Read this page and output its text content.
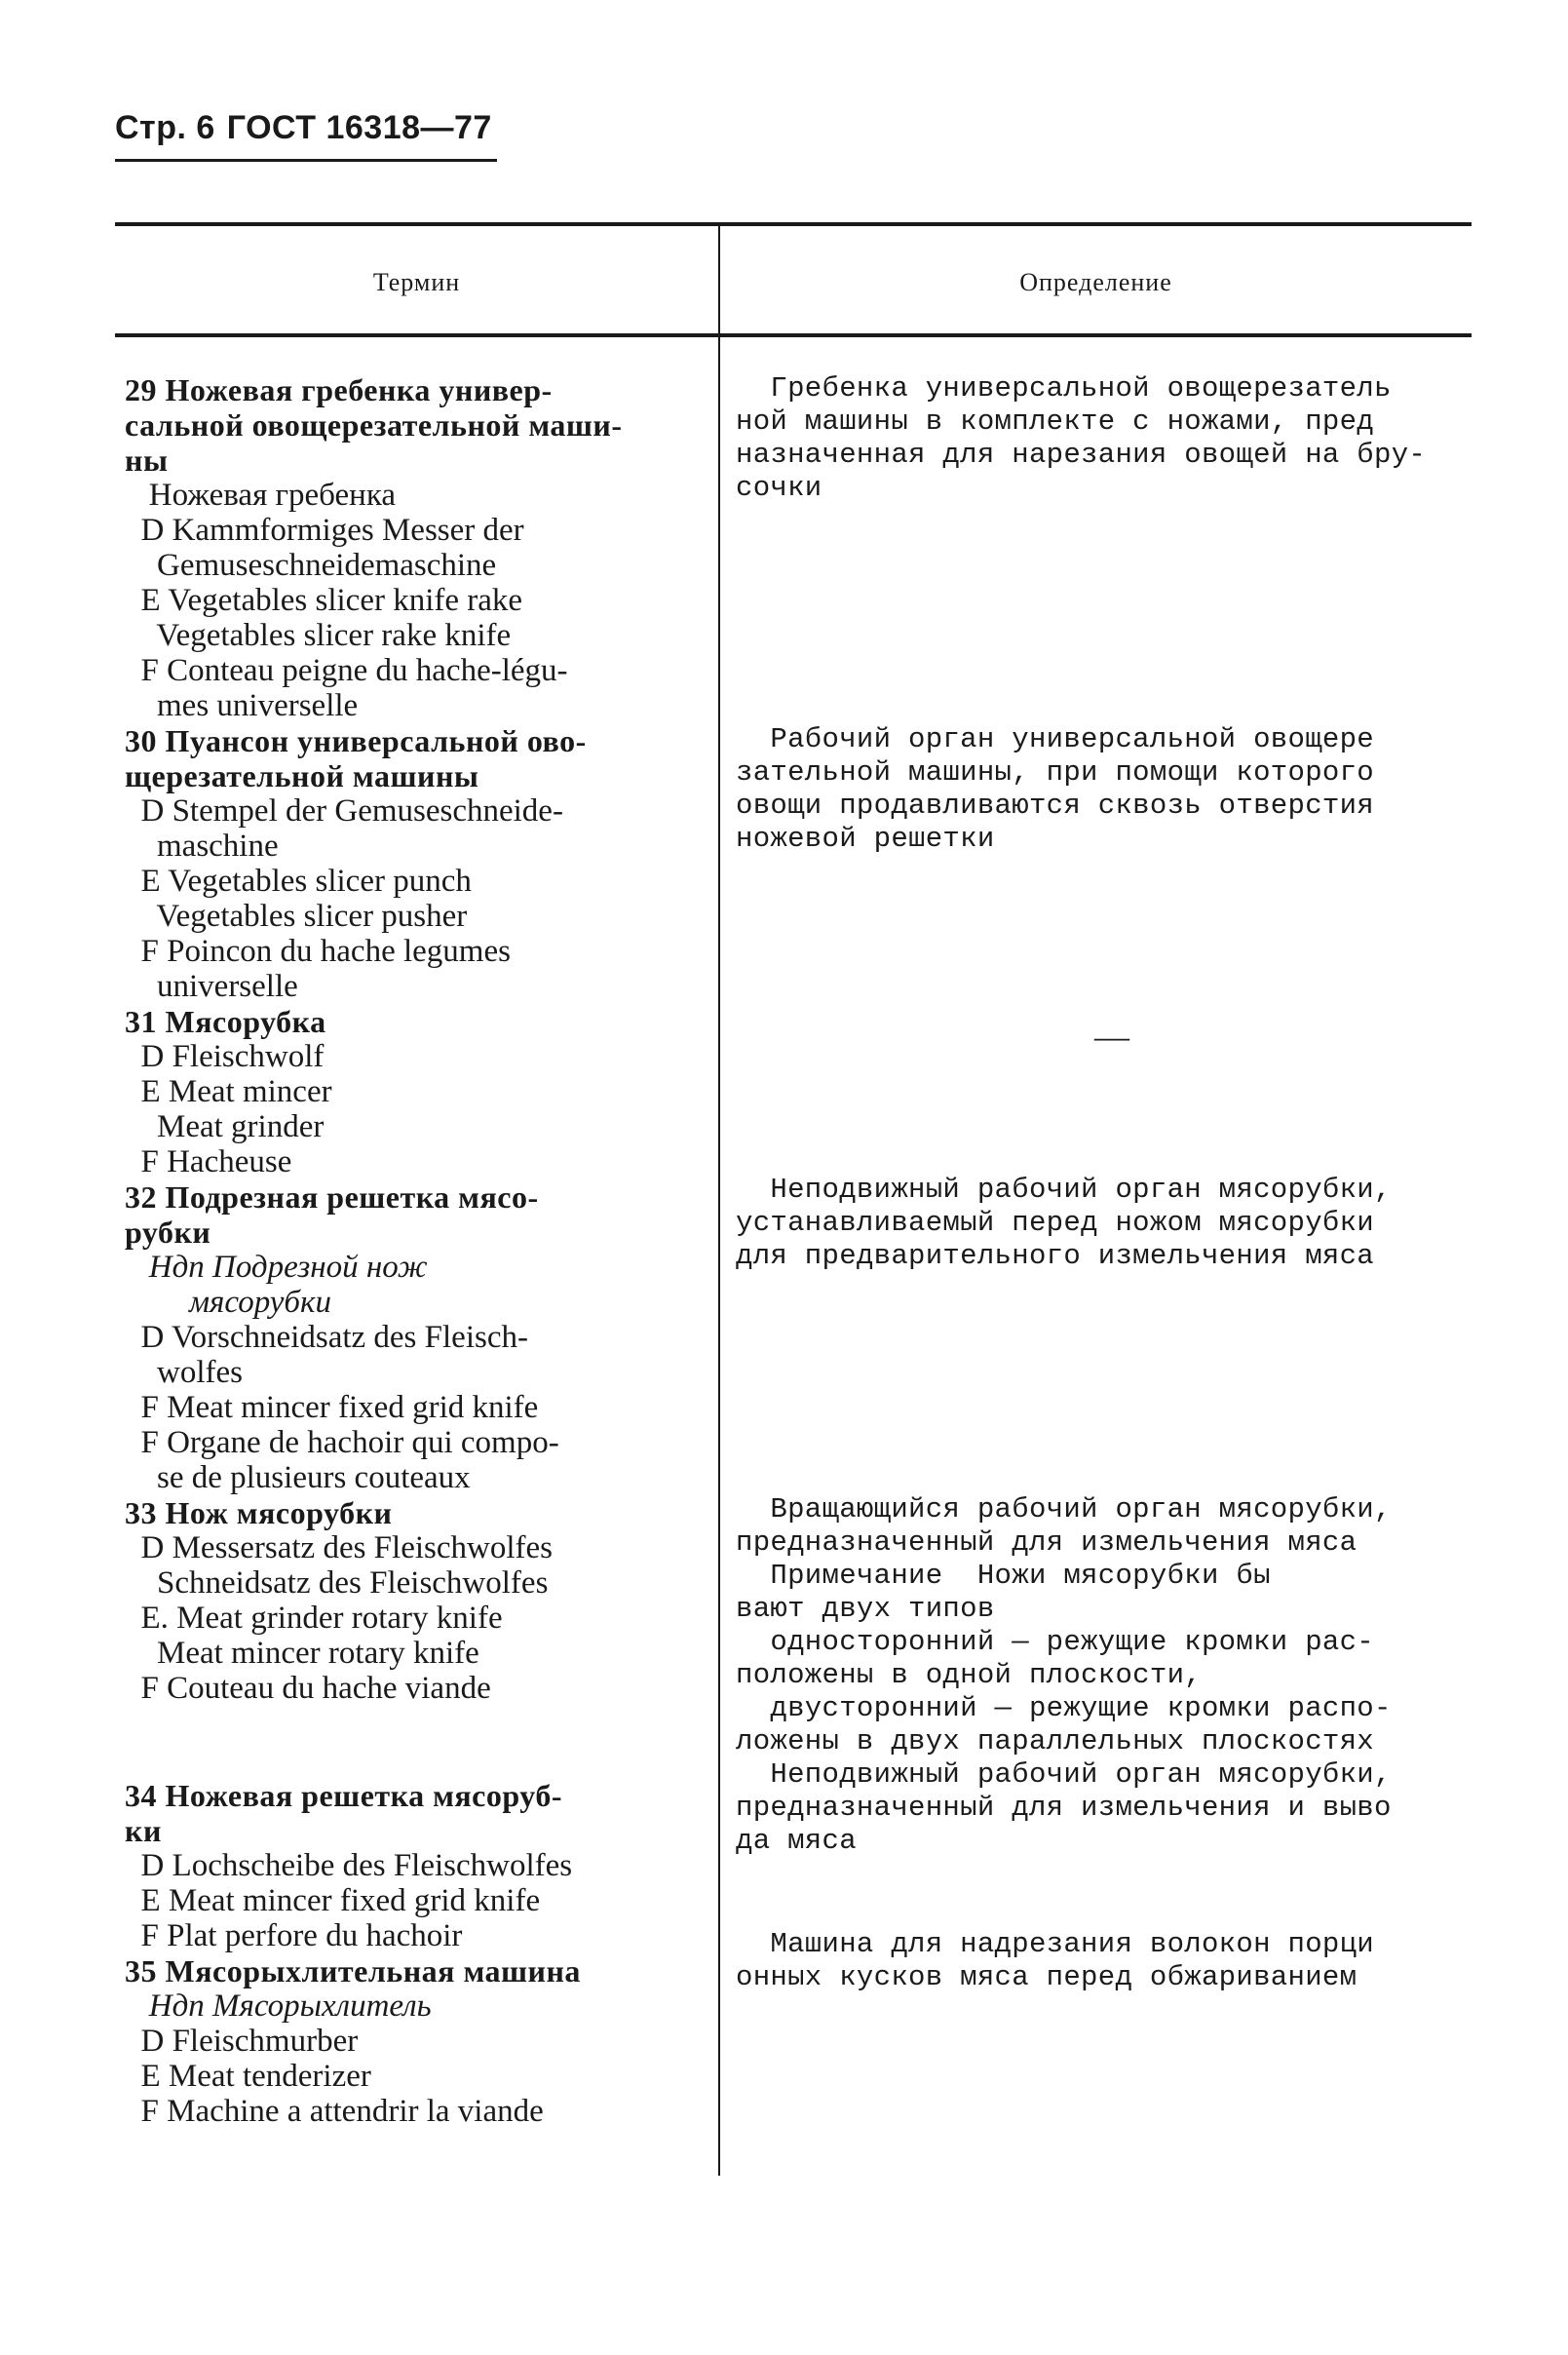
Стр. 6 ГОСТ 16318—77
Термин	Определение
29 Ножевая гребенка универ-
сальной овощерезательной маши-
ны
Ножевая гребенка
D Kammformiges Messer der
Gemuseschneidemaschine
E Vegetables slicer knife rake
Vegetables slicer rake knife
F Conteau peigne du hache-légu-
mes universelle
30 Пуансон универсальной ово-
щерезательной машины
D Stempel der Gemuseschneide-
maschine
E Vegetables slicer punch
Vegetables slicer pusher
F Poincon du hache legumes
universelle
31 Мясорубка
D Fleischwolf
E Meat mincer
Meat grinder
F Hacheuse
32 Подрезная решетка мясо-
рубки
Ндп Подрезной нож
мясорубки
D Vorschneidsatz des Fleisch-
wolfes
F Meat mincer fixed grid knife
F Organe de hachoir qui compo-
se de plusieurs couteaux
33 Нож мясорубки
D Messersatz des Fleischwolfes
Schneidsatz des Fleischwolfes
E. Meat grinder rotary knife
Meat mincer rotary knife
F Couteau du hache viande
34 Ножевая решетка мясоруб-
ки
D Lochscheibe des Fleischwolfes
E Meat mincer fixed grid knife
F Plat perfore du hachoir
35 Мясорыхлительная машина
Ндп Мясорыхлитель
D Fleischmurber
E Meat tenderizer
F Machine a attendrir la viande
—
Гребенка универсальной овощерезатель
ной машины в комплекте с ножами, пред
назначенная для нарезания овощей на бру-
сочки
Рабочий орган универсальной овощере
зательной машины, при помощи которого
овощи продавливаются сквозь отверстия
ножевой решетки
Неподвижный рабочий орган мясорубки,
устанавливаемый перед ножом мясорубки
для предварительного измельчения мяса
Вращающийся рабочий орган мясорубки,
предназначенный для измельчения мяса
Примечание  Ножи мясорубки бы
вают двух типов
односторонний — режущие кромки рас-
положены в одной плоскости,
двусторонний — режущие кромки распо-
ложены в двух параллельных плоскостях
Неподвижный рабочий орган мясорубки,
предназначенный для измельчения и выво
да мяса
Машина для надрезания волокон порци
онных кусков мяса перед обжариванием
